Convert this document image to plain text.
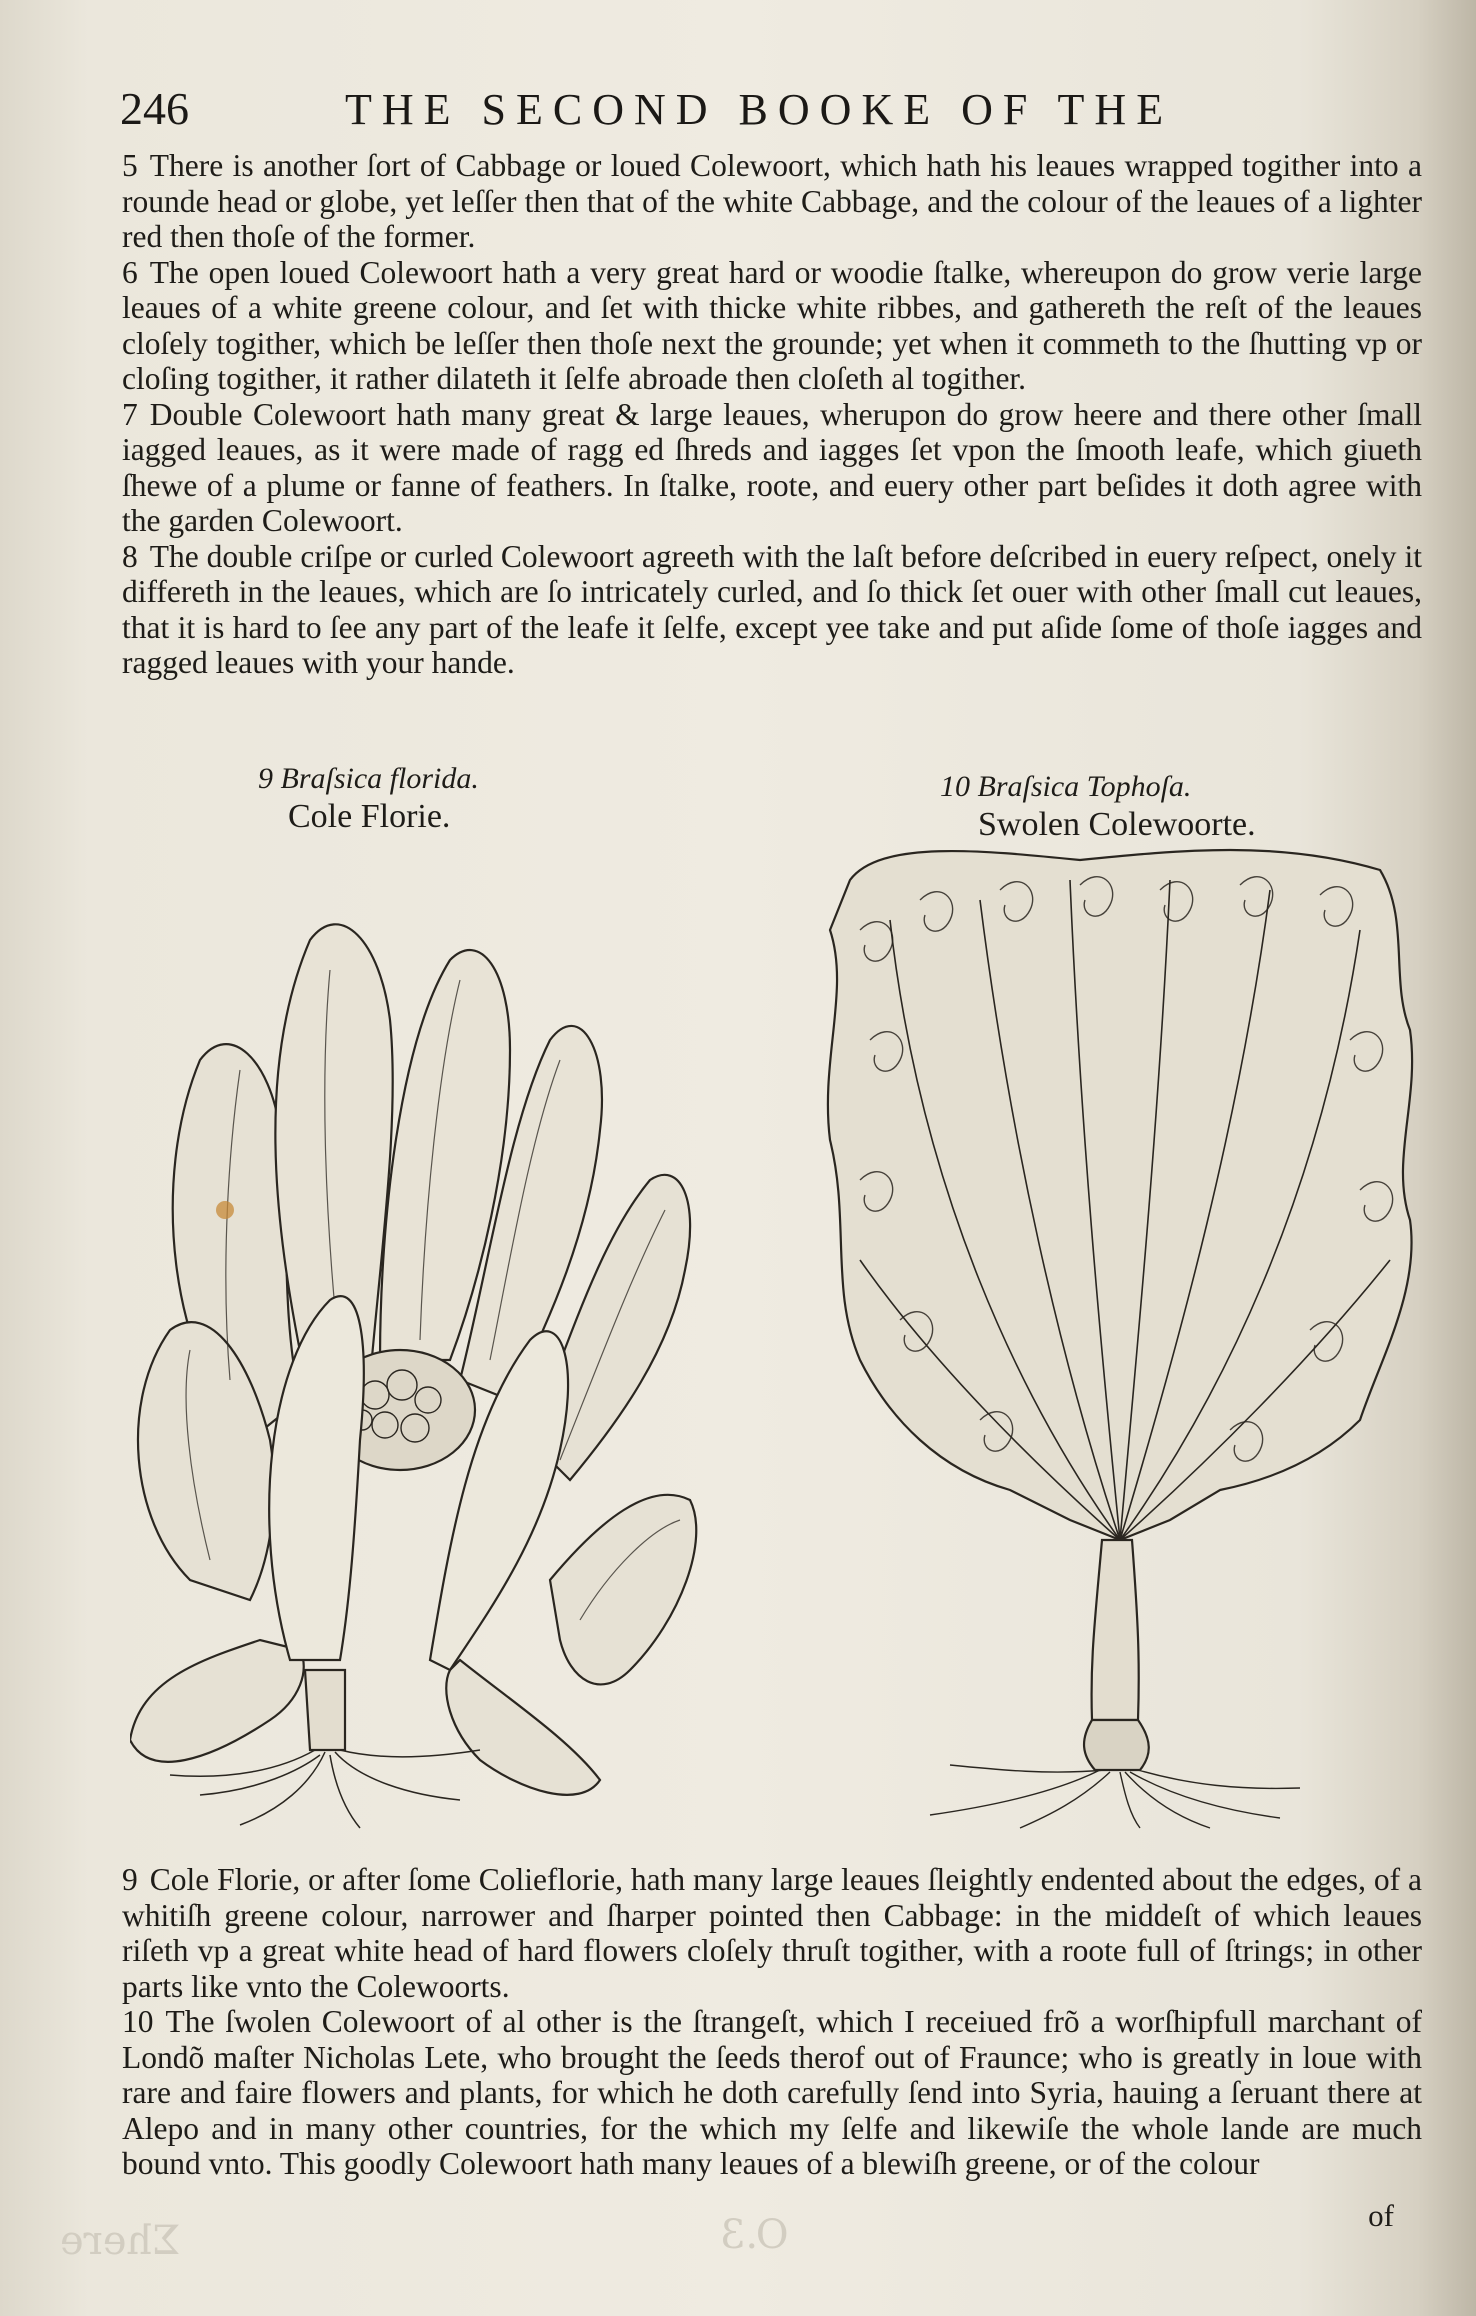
Ʃhere	O.3
246	THE SECOND BOOKE OF THE

5 There is another ſort of Cabbage or loued Colewoort, which hath his leaues wrapped togither into a rounde head or globe, yet leſſer then that of the white Cabbage, and the colour of the leaues of a lighter red then thoſe of the former.

6 The open loued Colewoort hath a very great hard or woodie ſtalke, whereupon do grow verie large leaues of a white greene colour, and ſet with thicke white ribbes, and gathereth the reſt of the leaues cloſely togither, which be leſſer then thoſe next the grounde; yet when it commeth to the ſhutting vp or cloſing togither, it rather dilateth it ſelfe abroade then cloſeth al togither.

7 Double Colewoort hath many great & large leaues, wherupon do grow heere and there other ſmall iagged leaues, as it were made of ragg ed ſhreds and iagges ſet vpon the ſmooth leafe, which giueth ſhewe of a plume or fanne of feathers. In ſtalke, roote, and euery other part beſides it doth agree with the garden Colewoort.

8 The double criſpe or curled Colewoort agreeth with the laſt before deſcribed in euery reſpect, onely it differeth in the leaues, which are ſo intricately curled, and ſo thick ſet ouer with other ſmall cut leaues, that it is hard to ſee any part of the leafe it ſelfe, except yee take and put aſide ſome of thoſe iagges and ragged leaues with your hande.

9 Braſsica florida.
Cole Florie.
10 Braſsica Tophoſa.
Swolen Colewoorte.

9 Cole Florie, or after ſome Colieflorie, hath many large leaues ſleightly endented about the edges, of a whitiſh greene colour, narrower and ſharper pointed then Cabbage: in the middeſt of which leaues riſeth vp a great white head of hard flowers cloſely thruſt togither, with a roote full of ſtrings; in other parts like vnto the Colewoorts.

10 The ſwolen Colewoort of al other is the ſtrangeſt, which I receiued frõ a worſhipfull marchant of Londõ maſter Nicholas Lete, who brought the ſeeds therof out of Fraunce; who is greatly in loue with rare and faire flowers and plants, for which he doth carefully ſend into Syria, hauing a ſeruant there at Alepo and in many other countries, for the which my ſelfe and likewiſe the whole lande are much bound vnto. This goodly Colewoort hath many leaues of a blewiſh greene, or of the colour

of
